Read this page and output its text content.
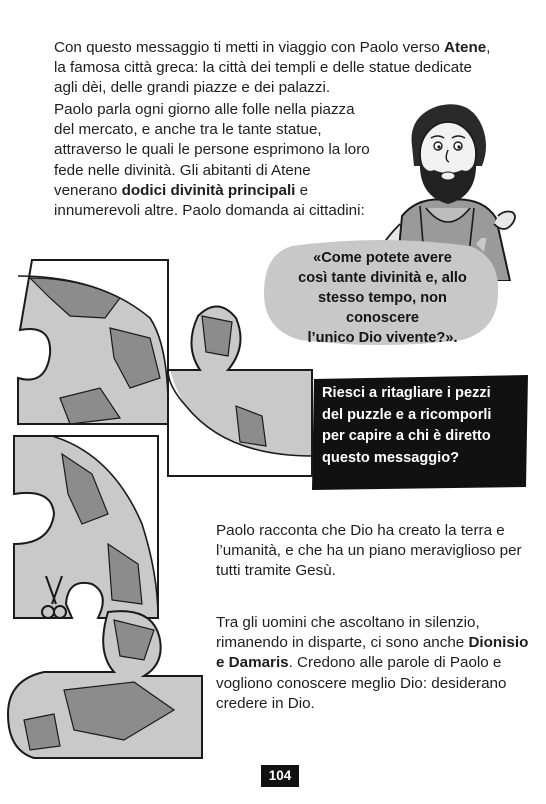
Con questo messaggio ti metti in viaggio con Paolo verso Atene,
la famosa città greca: la città dei templi e delle statue dedicate
agli dèi, delle grandi piazze e dei palazzi.

Paolo parla ogni giorno alle folle nella piazza del mercato, e anche tra le tante statue, attraverso le quali le persone esprimono la loro fede nelle divinità. Gli abitanti di Atene venerano dodici divinità principali e innumerevoli altre. Paolo domanda ai cittadini:

«Come potete avere
così tante divinità e, allo
stesso tempo, non conoscere
l’unico Dio vivente?».
Riesci a ritagliare i pezzi
del puzzle e a ricomporli
per capire a chi è diretto
questo messaggio?

Paolo racconta che Dio ha creato la terra e l’umanità, e che ha un piano meraviglioso per tutti tramite Gesù.

Tra gli uomini che ascoltano in silenzio, rimanendo in disparte, ci sono anche Dionisio e Damaris. Credono alle parole di Paolo e vogliono conoscere meglio Dio: desiderano credere in Dio.

104
